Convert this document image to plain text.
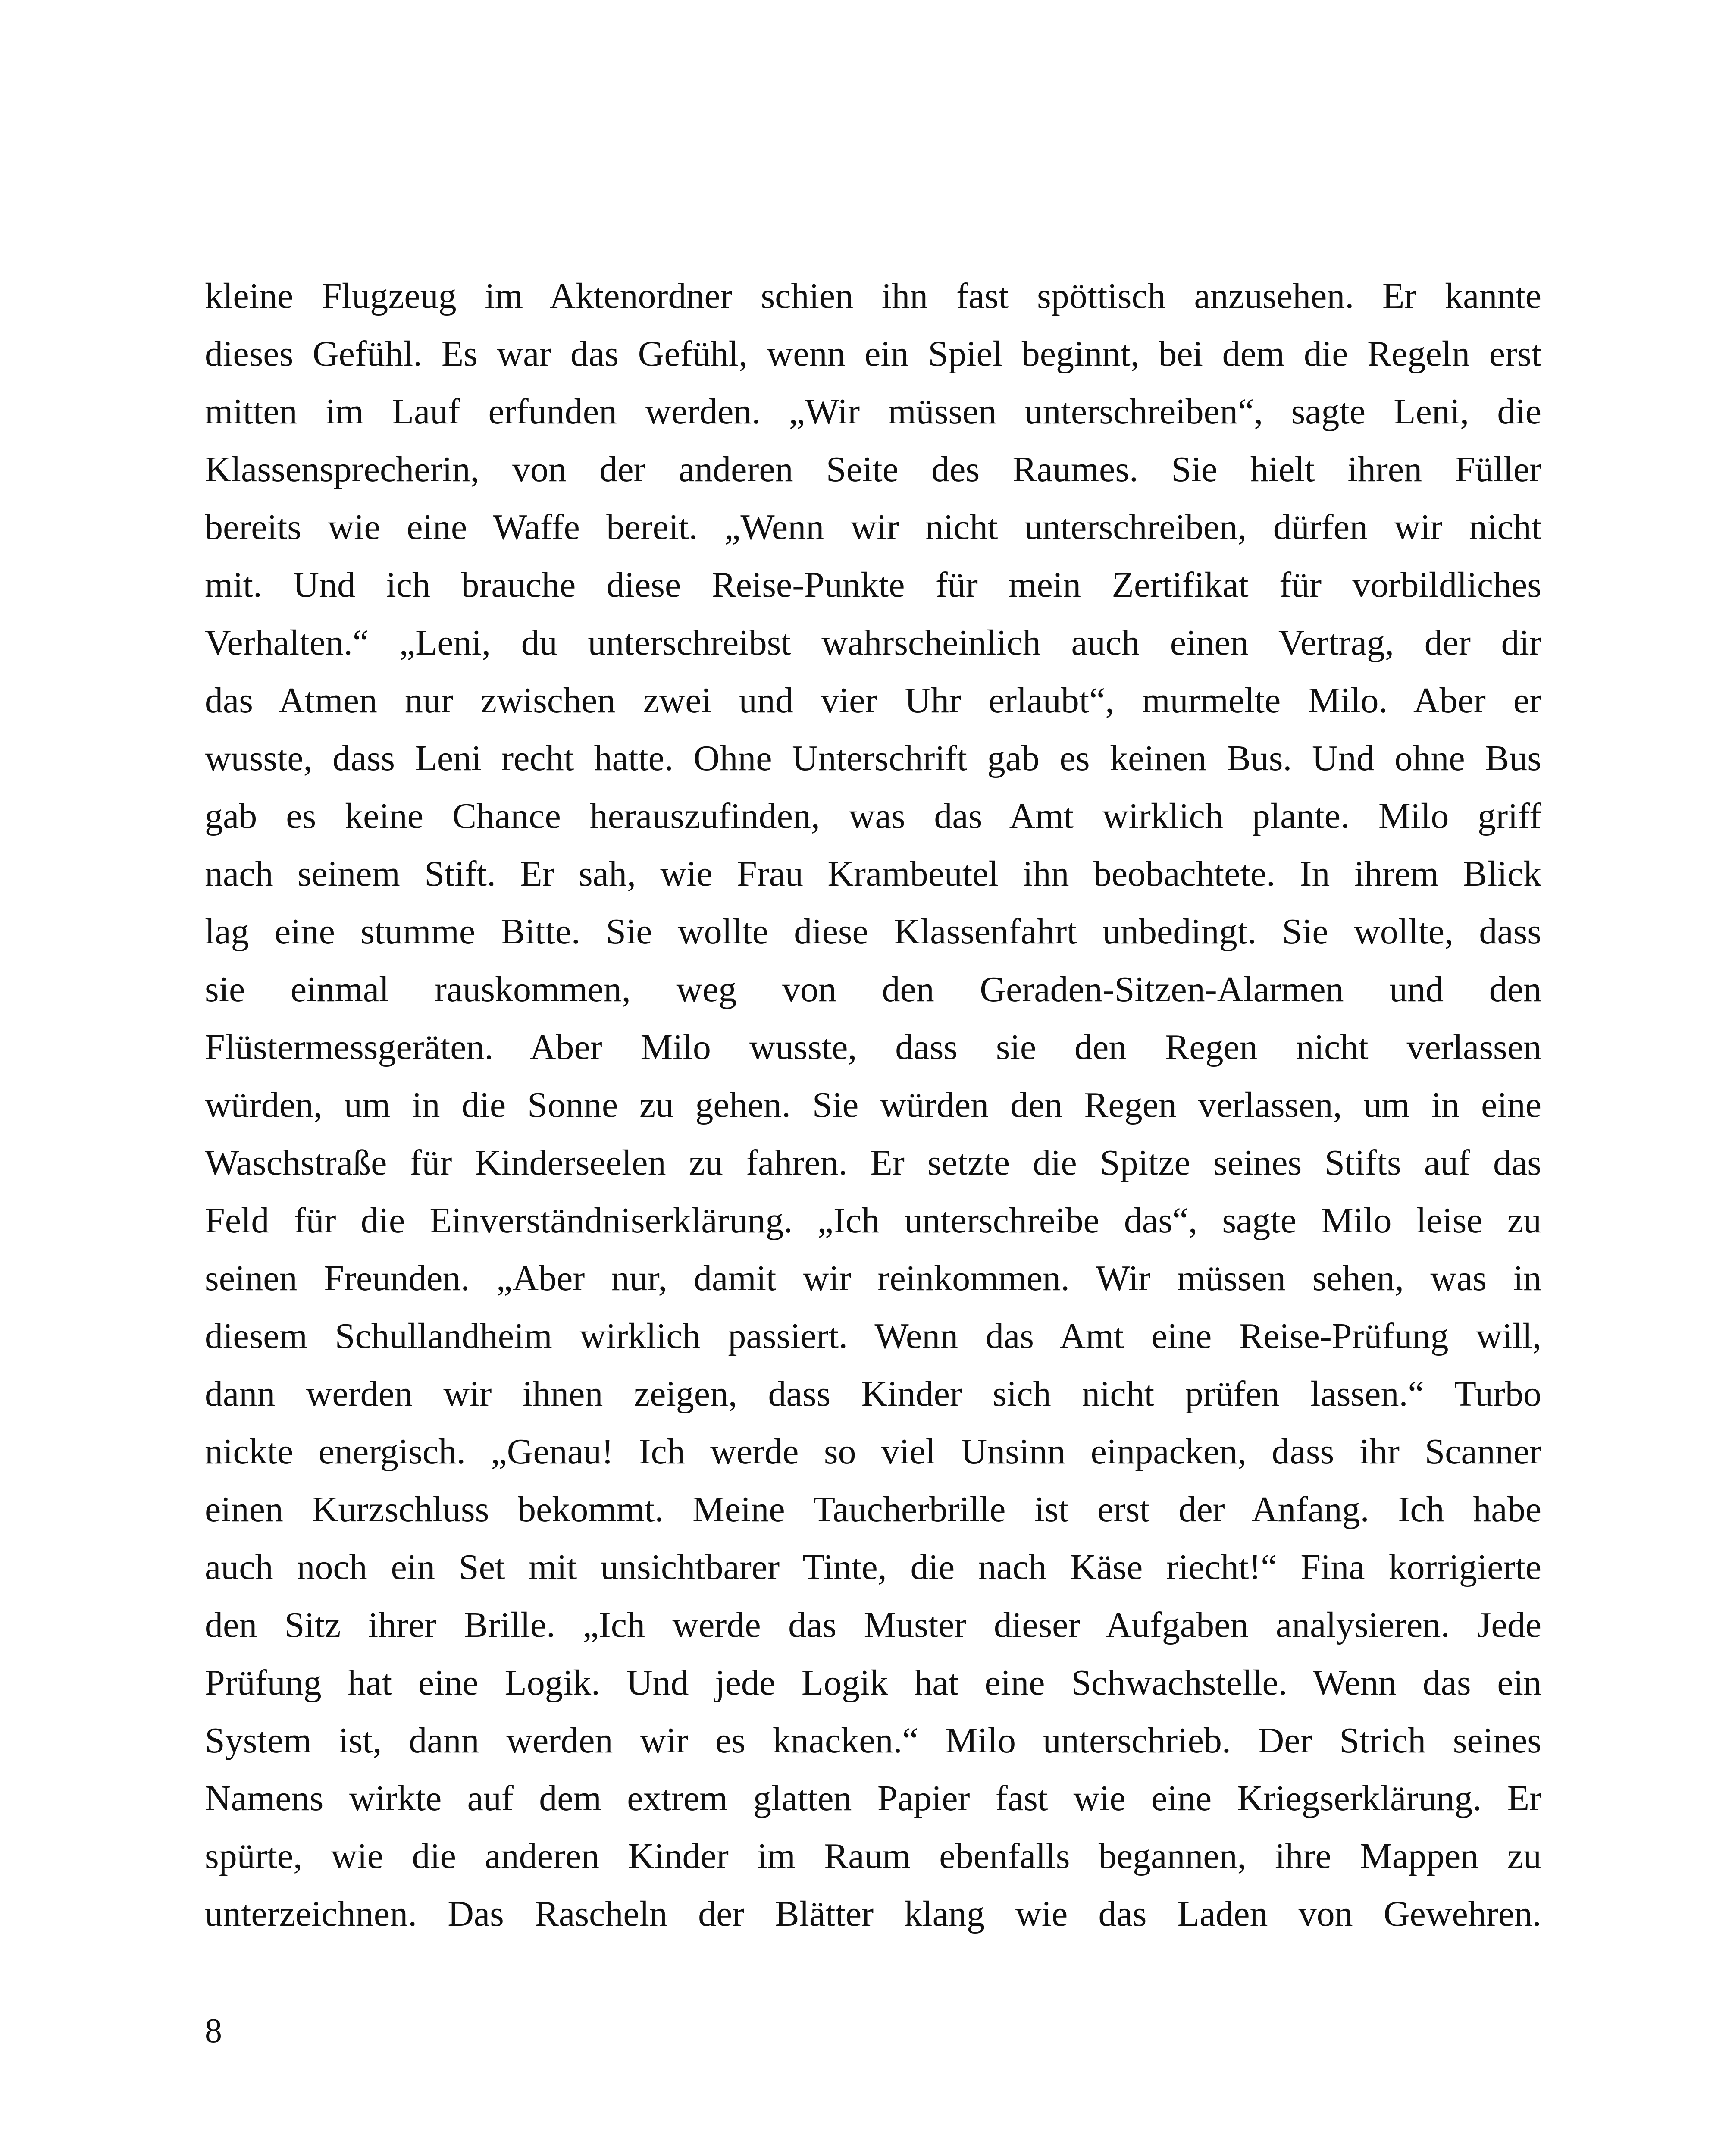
kleine Flugzeug im Aktenordner schien ihn fast spöttisch anzusehen. Er kannte
dieses Gefühl. Es war das Gefühl, wenn ein Spiel beginnt, bei dem die Regeln erst
mitten im Lauf erfunden werden. „Wir müssen unterschreiben“, sagte Leni, die
Klassensprecherin, von der anderen Seite des Raumes. Sie hielt ihren Füller
bereits wie eine Waffe bereit. „Wenn wir nicht unterschreiben, dürfen wir nicht
mit. Und ich brauche diese Reise-Punkte für mein Zertifikat für vorbildliches
Verhalten.“ „Leni, du unterschreibst wahrscheinlich auch einen Vertrag, der dir
das Atmen nur zwischen zwei und vier Uhr erlaubt“, murmelte Milo. Aber er
wusste, dass Leni recht hatte. Ohne Unterschrift gab es keinen Bus. Und ohne Bus
gab es keine Chance herauszufinden, was das Amt wirklich plante. Milo griff
nach seinem Stift. Er sah, wie Frau Krambeutel ihn beobachtete. In ihrem Blick
lag eine stumme Bitte. Sie wollte diese Klassenfahrt unbedingt. Sie wollte, dass
sie einmal rauskommen, weg von den Geraden-Sitzen-Alarmen und den
Flüstermessgeräten. Aber Milo wusste, dass sie den Regen nicht verlassen
würden, um in die Sonne zu gehen. Sie würden den Regen verlassen, um in eine
Waschstraße für Kinderseelen zu fahren. Er setzte die Spitze seines Stifts auf das
Feld für die Einverständniserklärung. „Ich unterschreibe das“, sagte Milo leise zu
seinen Freunden. „Aber nur, damit wir reinkommen. Wir müssen sehen, was in
diesem Schullandheim wirklich passiert. Wenn das Amt eine Reise-Prüfung will,
dann werden wir ihnen zeigen, dass Kinder sich nicht prüfen lassen.“ Turbo
nickte energisch. „Genau! Ich werde so viel Unsinn einpacken, dass ihr Scanner
einen Kurzschluss bekommt. Meine Taucherbrille ist erst der Anfang. Ich habe
auch noch ein Set mit unsichtbarer Tinte, die nach Käse riecht!“ Fina korrigierte
den Sitz ihrer Brille. „Ich werde das Muster dieser Aufgaben analysieren. Jede
Prüfung hat eine Logik. Und jede Logik hat eine Schwachstelle. Wenn das ein
System ist, dann werden wir es knacken.“ Milo unterschrieb. Der Strich seines
Namens wirkte auf dem extrem glatten Papier fast wie eine Kriegserklärung. Er
spürte, wie die anderen Kinder im Raum ebenfalls begannen, ihre Mappen zu
unterzeichnen. Das Rascheln der Blätter klang wie das Laden von Gewehren.
8
